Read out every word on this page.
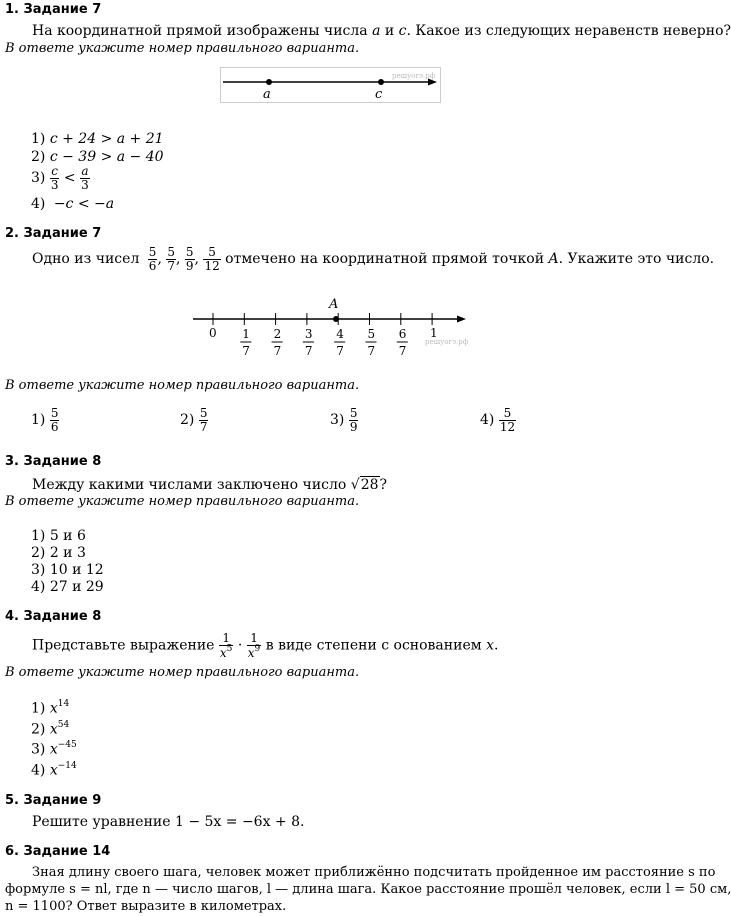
1. Задание 7
На координатной прямой изображены числа a и c. Какое из следующих неравенств неверно?
В ответе укажите номер правильного варианта.
a	c
решуогэ.рф
1) c + 24 > a + 21
2) c − 39 > a − 40
$3) \frac{c}{3} < \frac{a}{3}$
4) −c < −a
2. Задание 7
Одно из чисел $\frac{5}{6}$ , $\frac{5}{7}$ , $\frac{5}{9}$ , $\frac{5}{12}$ отмечено на координатной прямой точкой A. Укажите это число.
1
7
2
7
3
7
4
7
5
7
6
7
A
0	1
решуогэ.рф
В ответе укажите номер правильного варианта.
$1) \frac{5}{6}$	$2) \frac{5}{7}$	$3) \frac{5}{9}$	$4) \frac{5}{12}$
3. Задание 8
Между какими числами заключено число √28?
В ответе укажите номер правильного варианта.
1) 5 и 6
2) 2 и 3
3) 10 и 12
4) 27 и 29
4. Задание 8
Представьте выражение $\frac{1}{x^5} \cdot \frac{1}{x^9}$ в виде степени с основанием x.
В ответе укажите номер правильного варианта.
1) $x^{14}$
2) $x^{54}$
3) $x^{-45}$
4) $x^{-14}$
5. Задание 9
Решите уравнение 1 − 5x = −6x + 8.
6. Задание 14
Зная длину своего шага, человек может приближённо подсчитать пройденное им расстояние s по
формуле s = nl, где n — число шагов, l — длина шага. Какое расстояние прошёл человек, если l = 50 см,
n = 1100? Ответ выразите в километрах.
